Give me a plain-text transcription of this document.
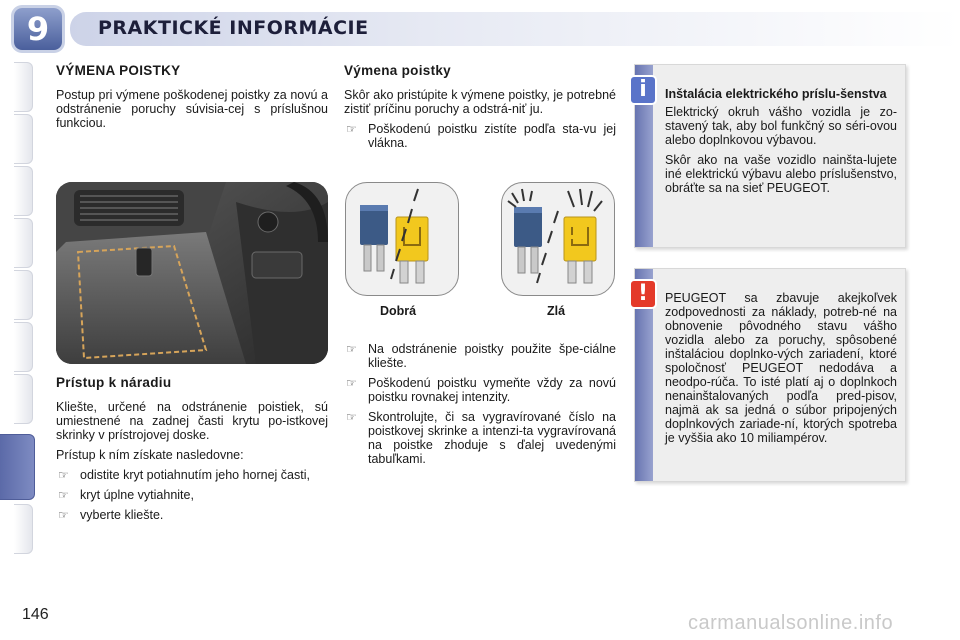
9	PRAKTICKÉ INFORMÁCIE
VÝMENA POISTKY

Postup pri výmene poškodenej poistky za novú a odstránenie poruchy súvisia-cej s príslušnou funkciou.

Prístup k náradiu

Kliešte, určené na odstránenie poistiek, sú umiestnené na zadnej časti krytu po-istkovej skrinky v prístrojovej doske.

Prístup k ním získate nasledovne:

☞ odistite kryt potiahnutím jeho hornej časti,
☞ kryt úplne vytiahnite,
☞ vyberte kliešte.
Výmena poistky

Skôr ako pristúpite k výmene poistky, je potrebné zistiť príčinu poruchy a odstrá-niť ju.

☞ Poškodenú poistku zistíte podľa sta-vu jej vlákna.
Dobrá	Zlá
☞ Na odstránenie poistky použite špe-ciálne kliešte.
☞ Poškodenú poistku vymeňte vždy za novú poistku rovnakej intenzity.
☞ Skontrolujte, či sa vygravírované číslo na poistkovej skrinke a intenzi-ta vygravírovaná na poistke zhoduje s ďalej uvedenými tabuľkami.
i	Inštalácia elektrického príslu-šenstva

Elektrický okruh vášho vozidla je zo-stavený tak, aby bol funkčný so séri-ovou alebo doplnkovou výbavou.

Skôr ako na vaše vozidlo nainšta-lujete iné elektrickú výbavu alebo príslušenstvo, obráťte sa na sieť PEUGEOT.

!	PEUGEOT sa zbavuje akejkoľvek zodpovednosti za náklady, potreb-né na obnovenie pôvodného stavu vášho vozidla alebo za poruchy, spôsobené inštaláciou doplnko-vých zariadení, ktoré spoločnosť PEUGEOT nedodáva a neodpo-rúča. To isté platí aj o doplnkoch nenainštalovaných podľa pred-pisov, najmä ak sa jedná o súbor pripojených doplnkových zariade-ní, ktorých spotreba je vyššia ako 10 miliampérov.

146	carmanualsonline.info
